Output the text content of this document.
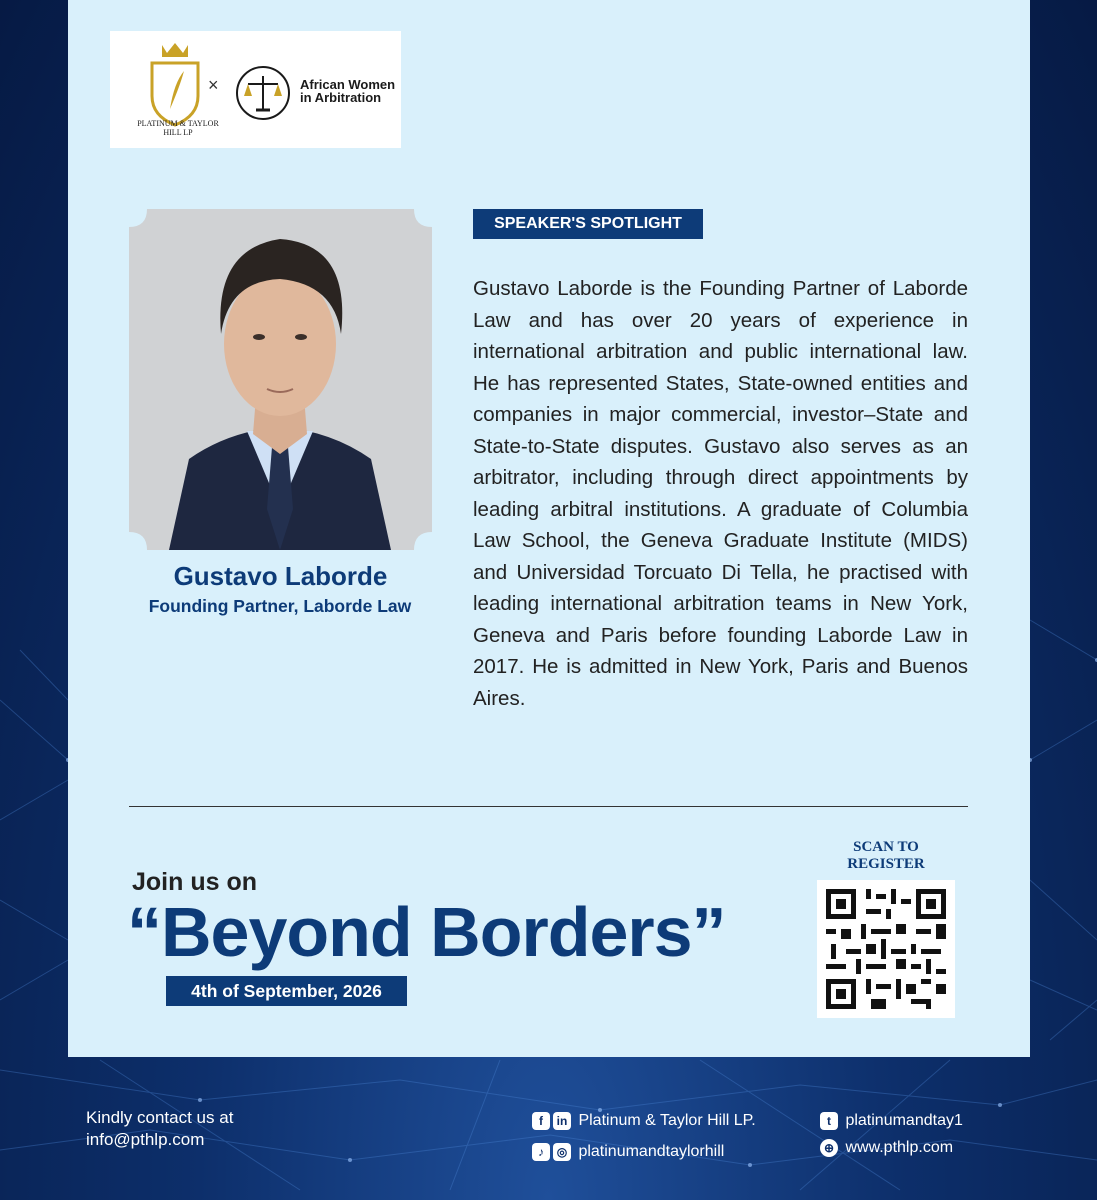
PLATINUM & TAYLOR HILL LP
×	African Women in Arbitration
Gustavo Laborde
Founding Partner, Laborde Law
SPEAKER'S SPOTLIGHT
Gustavo Laborde is the Founding Partner of Laborde Law and has over 20 years of experience in international arbitration and public international law. He has represented States, State-owned entities and companies in major commercial, investor–State and State-to-State disputes. Gustavo also serves as an arbitrator, including through direct appointments by leading arbitral institutions. A graduate of Columbia Law School, the Geneva Graduate Institute (MIDS) and Universidad Torcuato Di Tella, he practised with leading international arbitration teams in New York, Geneva and Paris before founding Laborde Law in 2017. He is admitted in New York, Paris and Buenos Aires.
Join us on
“Beyond Borders”
4th of September, 2026
SCAN TO REGISTER
Kindly contact us at
info@pthlp.com
f	in Platinum & Taylor Hill LP.
♪	◎ platinumandtaylorhill
t platinumandtay1
⊕ www.pthlp.com
